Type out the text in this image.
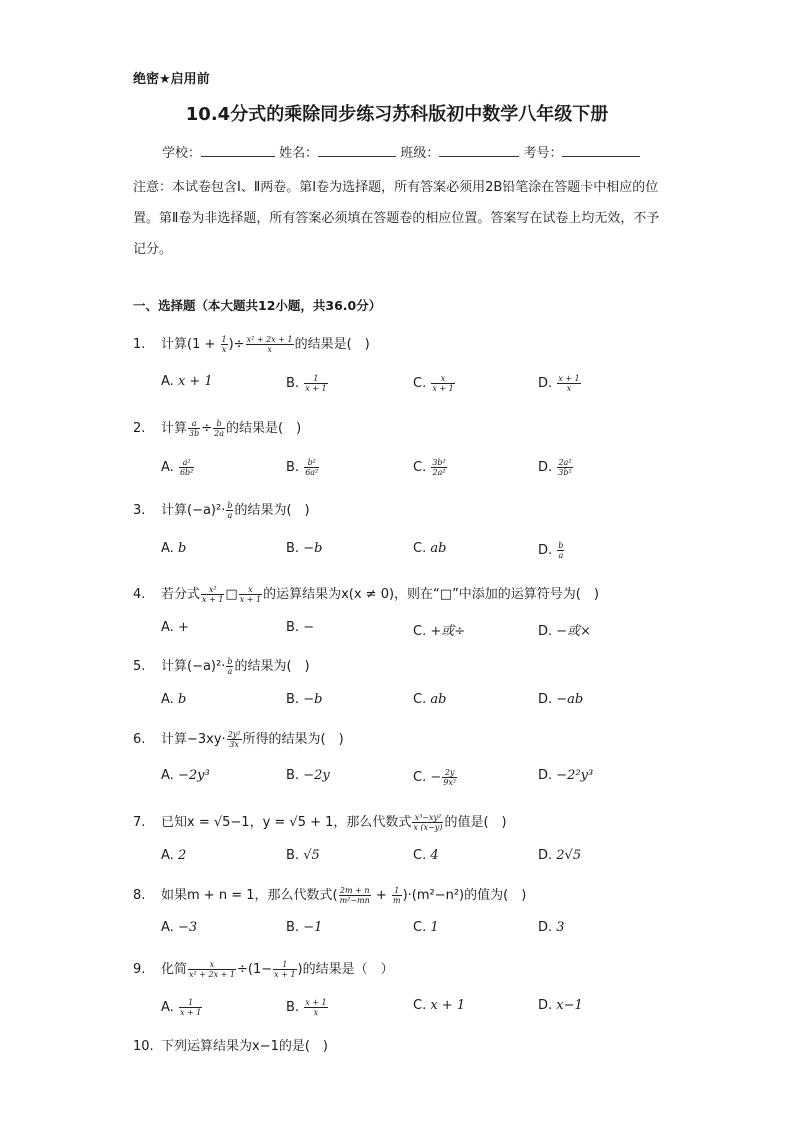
绝密★启用前
10.4分式的乘除同步练习苏科版初中数学八年级下册
学校：	姓名：	班级：	考号：
注意：本试卷包含Ⅰ、Ⅱ两卷。第Ⅰ卷为选择题，所有答案必须用2B铅笔涂在答题卡中相应的位置。第Ⅱ卷为非选择题，所有答案必须填在答题卷的相应位置。答案写在试卷上均无效，不予记分。
一、选择题（本大题共12小题，共36.0分）
1. 计算($1 + \frac{1}{x}$ )÷ $\frac{\text{x² + 2x + 1}}{x}$ 的结果是(　)
A. x + 1	B. $\frac{1}{x + 1}$	C. $\frac{x}{x + 1}$	D. $\frac{x + 1}{x}$
2. 计算 $\frac{a}{3b} \div \frac{b}{2a}$ 的结果是(　)
A. $\frac{\text{a²}}{\text{6b²}}$	B. $\frac{\text{b²}}{\text{6a²}}$	C. $\frac{\text{3b²}}{\text{2a²}}$	D. $\frac{\text{2a²}}{\text{3b²}}$
3. 计算$(-a)^2\cdot \frac{b}{a}$ 的结果为(　)
A. b	B. −b	C. ab	D. $\frac{b}{a}$
4. 若分式 $\frac{\text{x²}}{x + 1}$ □ $\frac{x}{x + 1}$ 的运算结果为x(x ≠ 0)，则在“□”中添加的运算符号为(　)
A. +	B. −	C. +或÷	D. −或×
5. 计算$(-a)^2\cdot \frac{b}{a}$ 的结果为(　)
A. b	B. −b	C. ab	D. −ab
6. 计算$-3xy\cdot \frac{\text{2y²}}{3x}$ 所得的结果为(　)
A. −2y³	B. −2y	C. − $\frac{2y}{\text{9x²}}$	D. −2²y³
7. 已知x = √5−1，y = √5 + 1，那么代数式 $\frac{\text{x³−xy²}}{x (x-y)}$ 的值是(　)
A. 2	B. √5	C. 4	D. 2√5
8. 如果m + n = 1，那么代数式( $\frac{2m + n}{\text{m²−mn}} + \frac{1}{m} )\cdot(m^2-n^2)$的值为(　)
A. −3	B. −1	C. 1	D. 3
9. 化简 $\frac{x}{\text{x² + 2x + 1}} \div(1- \frac{1}{x + 1}$ )的结果是（　）
A. $\frac{1}{x + 1}$	B. $\frac{x + 1}{x}$	C. x + 1	D. x−1
10. 下列运算结果为x−1的是(　)
